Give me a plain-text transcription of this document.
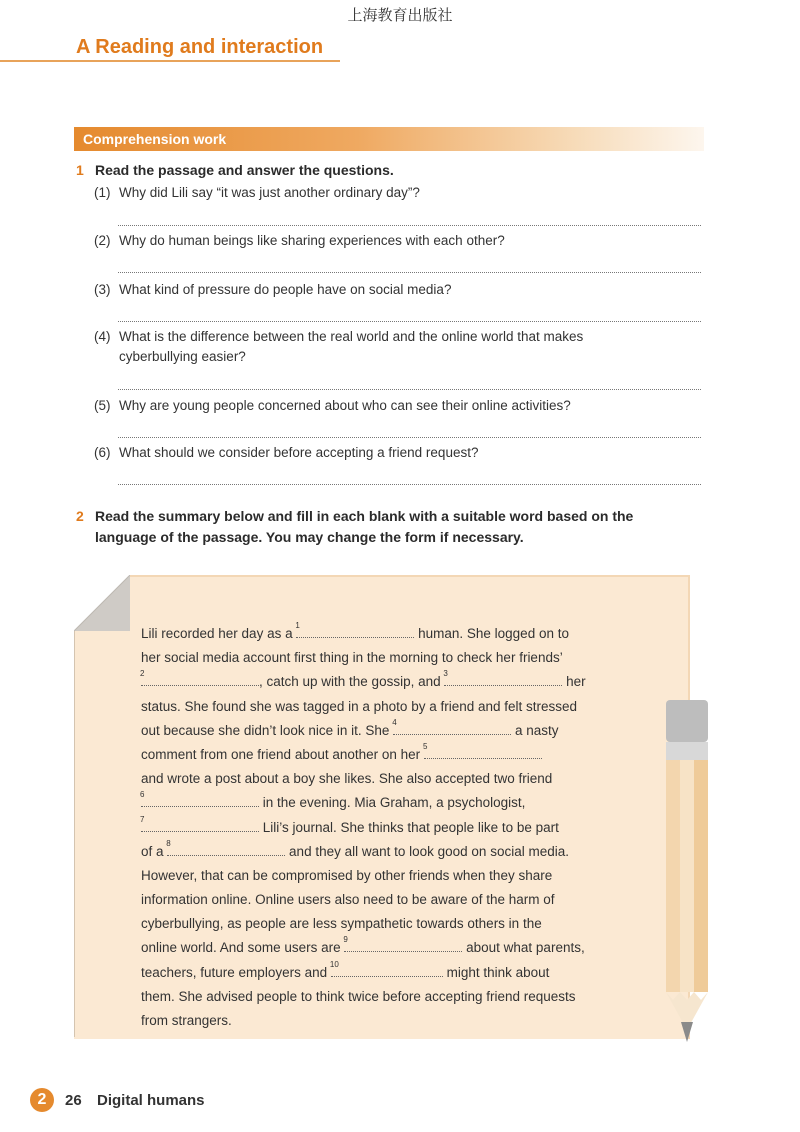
上海教育出版社
A Reading and interaction
Comprehension work
1 Read the passage and answer the questions.
(1) Why did Lili say “it was just another ordinary day”?
(2) Why do human beings like sharing experiences with each other?
(3) What kind of pressure do people have on social media?
(4) What is the difference between the real world and the online world that makes cyberbullying easier?
(5) Why are young people concerned about who can see their online activities?
(6) What should we consider before accepting a friend request?
2 Read the summary below and fill in each blank with a suitable word based on the language of the passage. You may change the form if necessary.
Lili recorded her day as a
1
human. She logged on to
her social media account first thing in the morning to check her friends’
2
, catch up with the gossip, and
3
her
status. She found she was tagged in a photo by a friend and felt stressed
out because she didn’t look nice in it. She
4
a nasty
comment from one friend about another on her
5
and wrote a post about a boy she likes. She also accepted two friend
6
in the evening. Mia Graham, a psychologist,
7
Lili’s journal. She thinks that people like to be part
of a
8
and they all want to look good on social media.
However, that can be compromised by other friends when they share
information online. Online users also need to be aware of the harm of
cyberbullying, as people are less sympathetic towards others in the
online world. And some users are
9
about what parents,
teachers, future employers and
10
might think about
them. She advised people to think twice before accepting friend requests
from strangers.
2	26 Digital humans
